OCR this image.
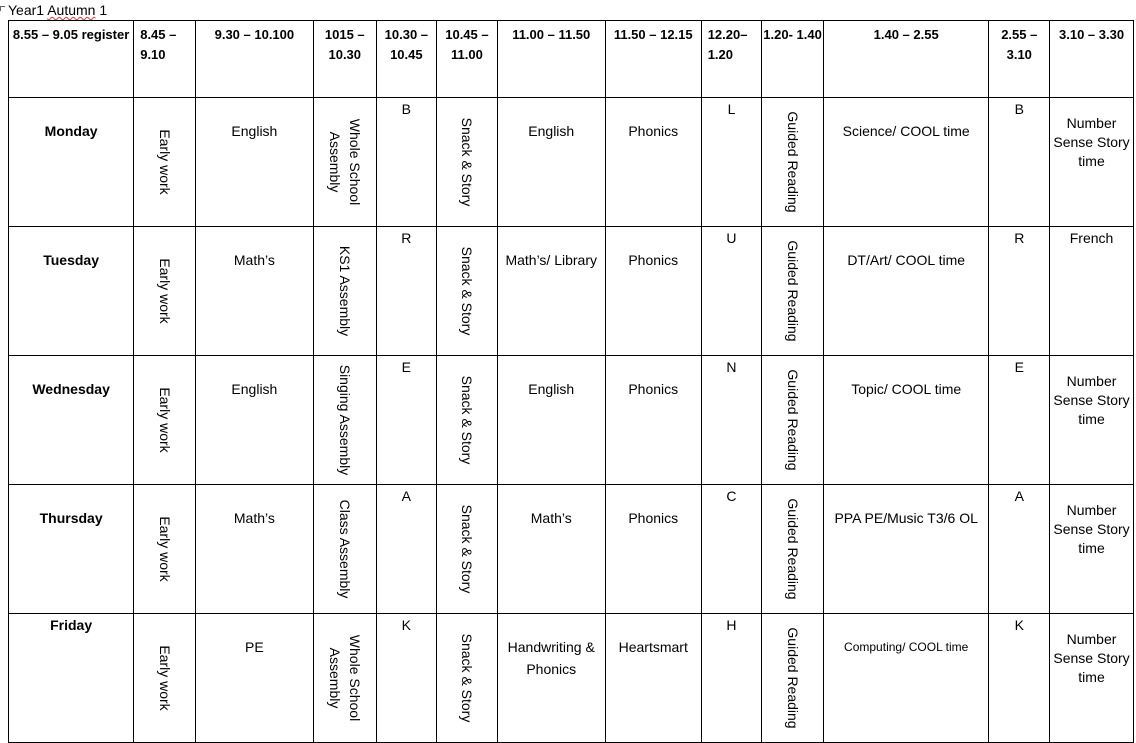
Year1 Autumn 1
8.55 – 9.05 register	8.45 – 9.10	9.30 – 10.100	1015 – 10.30	10.30 – 10.45	10.45 – 11.00	11.00 – 11.50	11.50 – 12.15	12.20– 1.20	1.20- 1.40	1.40 – 2.55	2.55 – 3.10	3.10 – 3.30

Monday	Early work	English	Whole School Assembly	B	Snack & Story	English	Phonics	L	Guided Reading	Science/ COOL time	B	Number Sense Story time

Tuesday	Early work	Math’s	KS1 Assembly	R	Snack & Story	Math’s/ Library	Phonics	U	Guided Reading	DT/Art/ COOL time	R	French

Wednesday	Early work	English	Singing Assembly	E	Snack & Story	English	Phonics	N	Guided Reading	Topic/ COOL time	E	Number Sense Story time

Thursday	Early work	Math’s	Class Assembly	A	Snack & Story	Math’s	Phonics	C	Guided Reading	PPA PE/Music T3/6 OL	A	Number Sense Story time

Friday	Early work	PE	Whole School Assembly	K	Snack & Story	Handwriting & Phonics	Heartsmart	H	Guided Reading	Computing/ COOL time	K	Number Sense Story time
